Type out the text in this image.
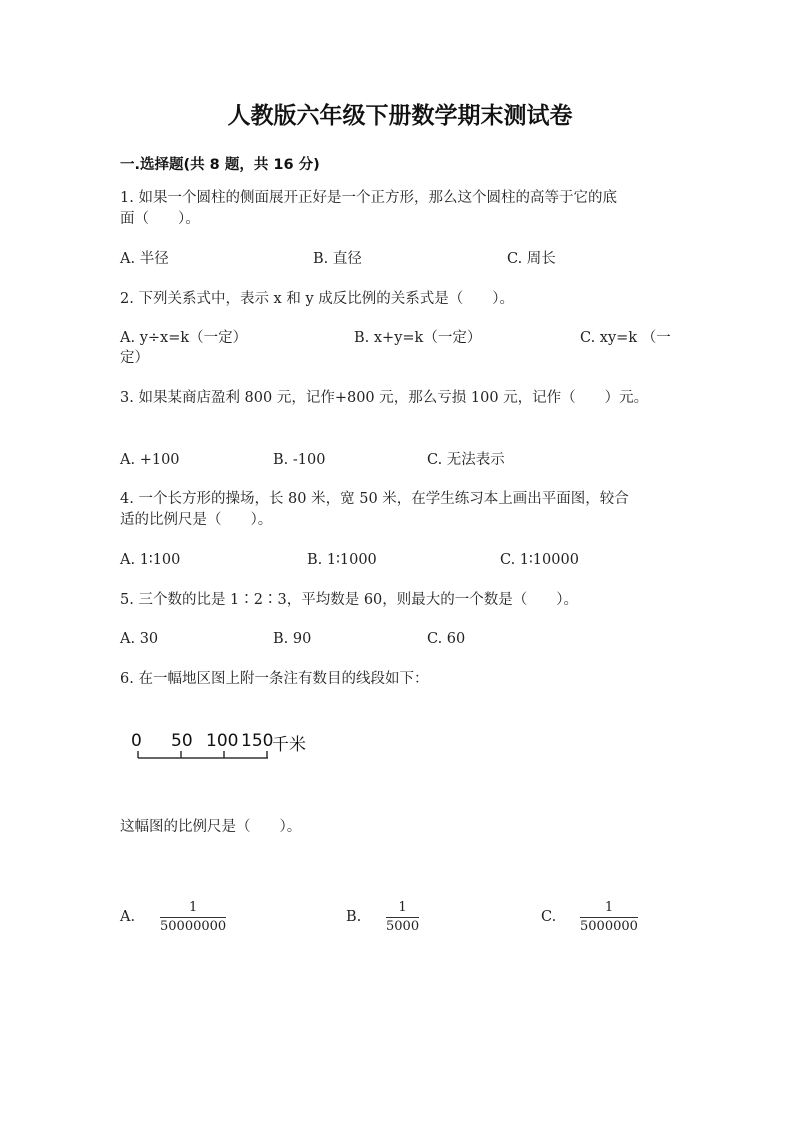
人教版六年级下册数学期末测试卷
一.选择题(共 8 题，共 16 分)
1. 如果一个圆柱的侧面展开正好是一个正方形，那么这个圆柱的高等于它的底
面（　　）。
A. 半径	B. 直径	C. 周长
2. 下列关系式中，表示 x 和 y 成反比例的关系式是（　　）。
A. y÷x=k（一定）	B. x+y=k（一定）	C. xy=k （一
定）
3. 如果某商店盈利 800 元，记作+800 元，那么亏损 100 元，记作（　　）元。
A. +100	B. -100	C. 无法表示
4. 一个长方形的操场，长 80 米，宽 50 米，在学生练习本上画出平面图，较合
适的比例尺是（　　）。
A. 1∶100	B. 1∶1000	C. 1∶10000
5. 三个数的比是 1∶2∶3，平均数是 60，则最大的一个数是（　　）。
A. 30	B. 90	C. 60
6. 在一幅地区图上附一条注有数目的线段如下：
0 50 100 150
千米
这幅图的比例尺是（　　）。
A.
1
50000000
B.
1
5000
C.
1
5000000
